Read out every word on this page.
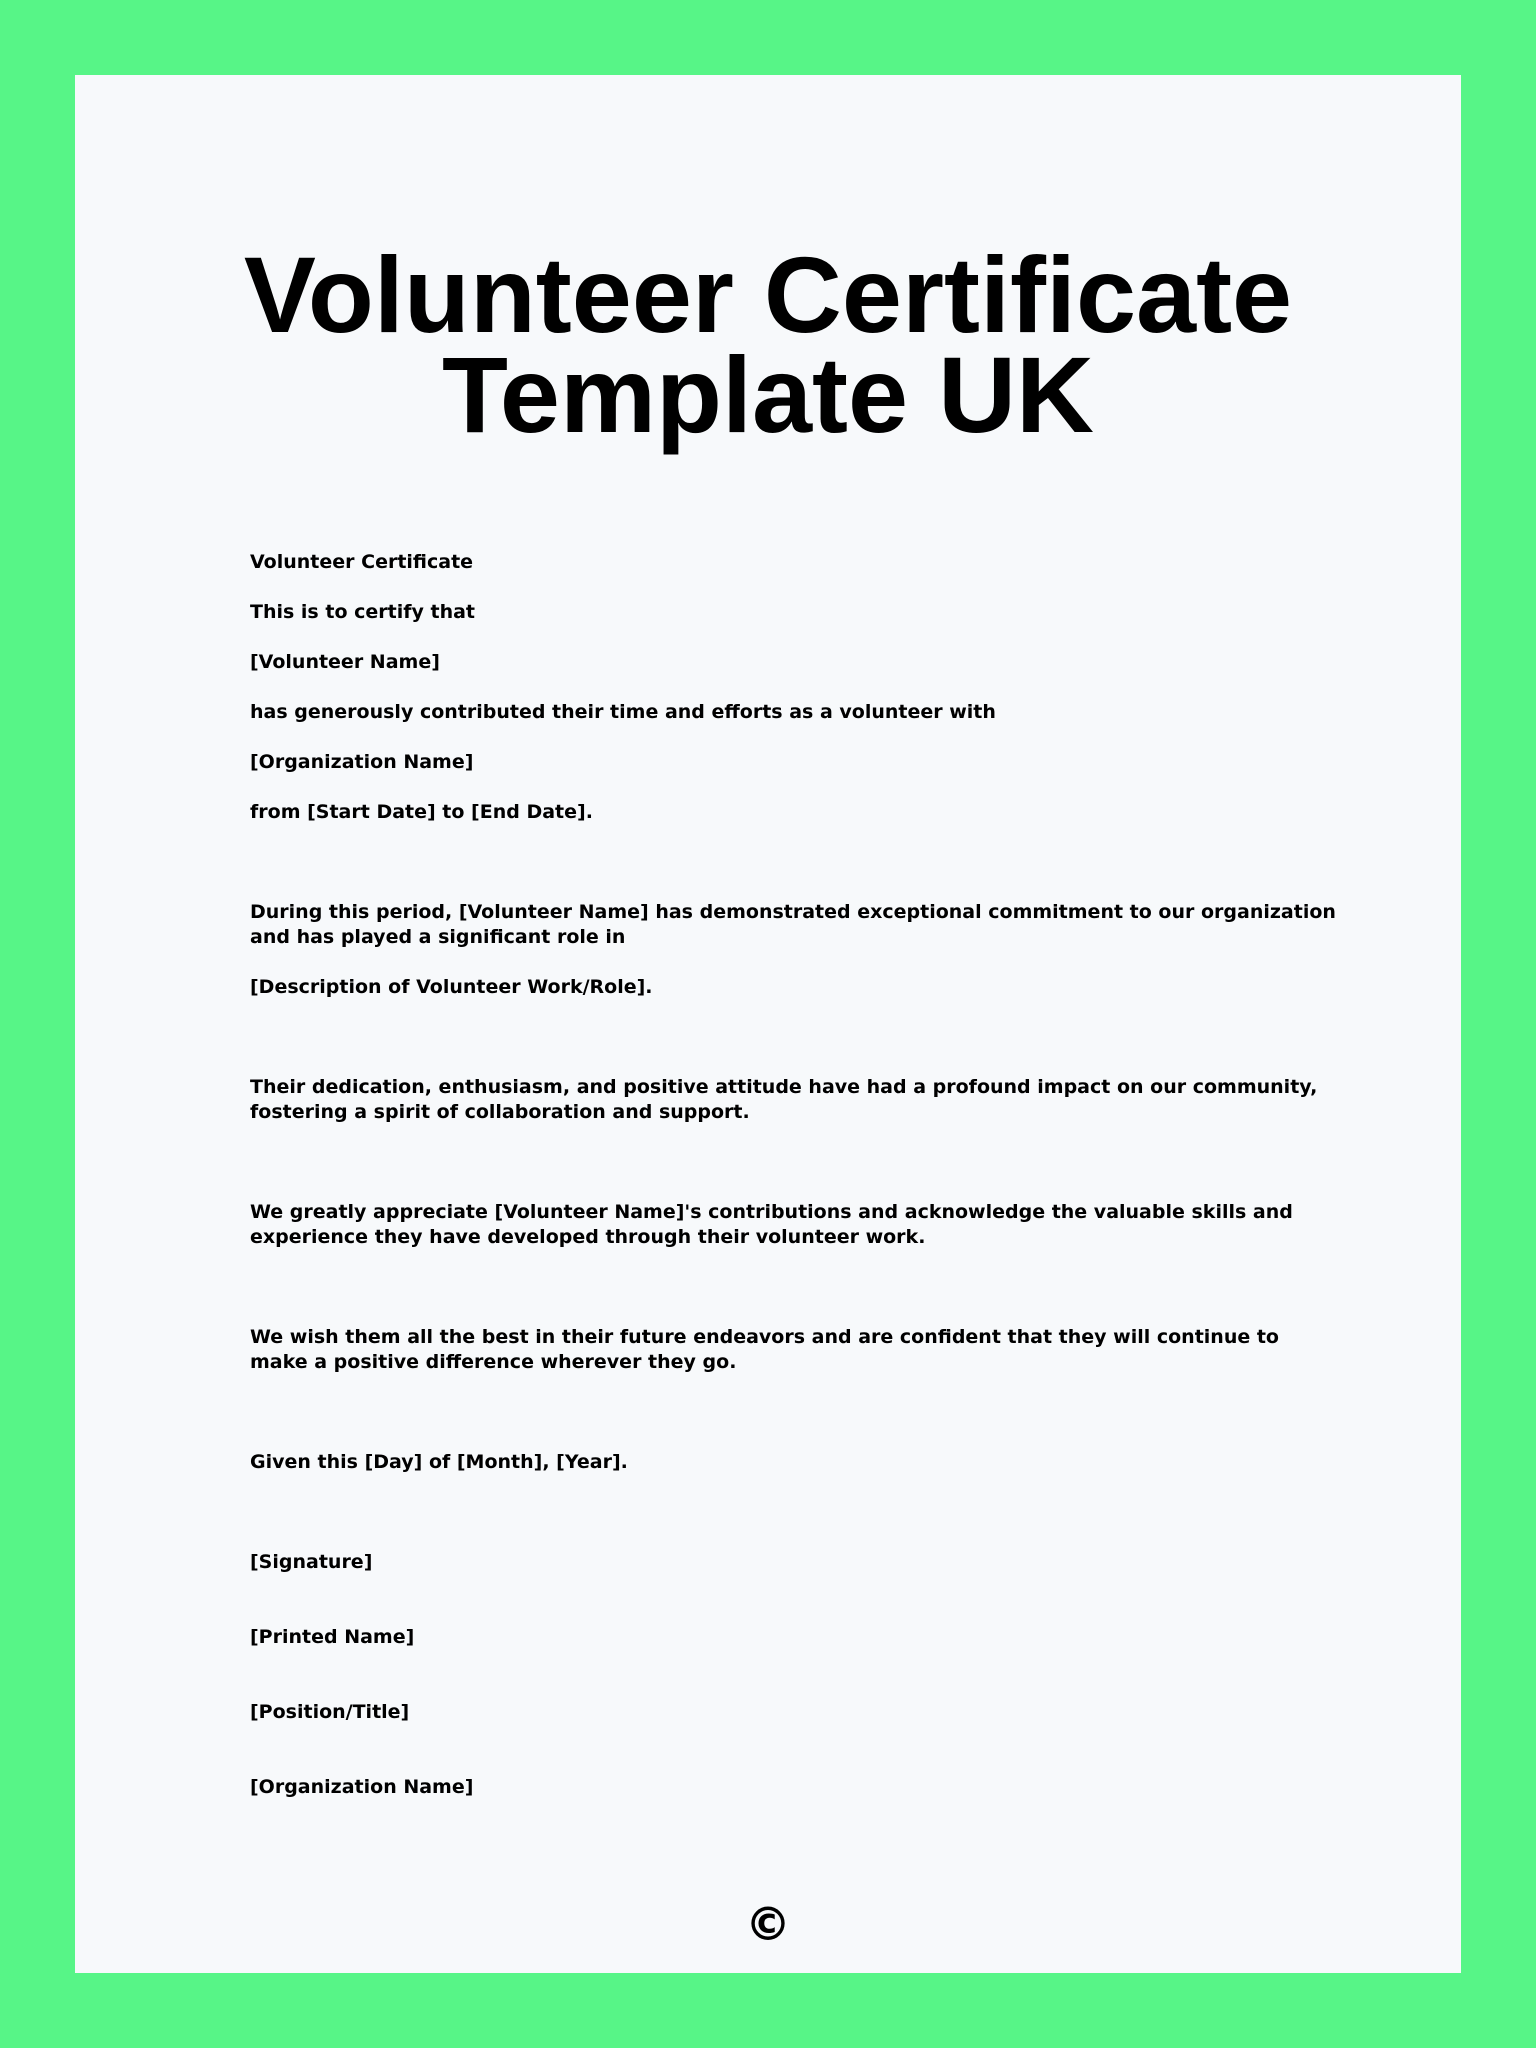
Volunteer Certificate
Template UK

Volunteer Certificate

This is to certify that

[Volunteer Name]

has generously contributed their time and efforts as a volunteer with

[Organization Name]

from [Start Date] to [End Date].

During this period, [Volunteer Name] has demonstrated exceptional commitment to our organization and has played a significant role in

[Description of Volunteer Work/Role].

Their dedication, enthusiasm, and positive attitude have had a profound impact on our community, fostering a spirit of collaboration and support.

We greatly appreciate [Volunteer Name]'s contributions and acknowledge the valuable skills and experience they have developed through their volunteer work.

We wish them all the best in their future endeavors and are confident that they will continue to make a positive difference wherever they go.

Given this [Day] of [Month], [Year].

[Signature]

[Printed Name]

[Position/Title]

[Organization Name]

©
